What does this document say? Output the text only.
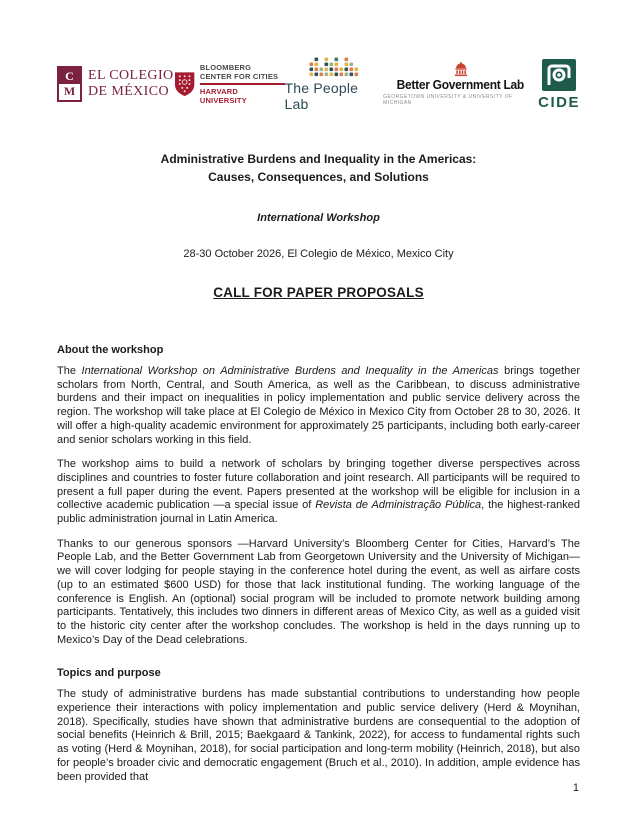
C
M
EL COLEGIO
DE MÉXICO
BLOOMBERG
CENTER FOR CITIES
HARVARD UNIVERSITY
The People Lab
Better Government Lab
GEORGETOWN UNIVERSITY & UNIVERSITY OF MICHIGAN	CIDE
Administrative Burdens and Inequality in the Americas:
Causes, Consequences, and Solutions
International Workshop
28-30 October 2026, El Colegio de México, Mexico City
CALL FOR PAPER PROPOSALS
About the workshop

The International Workshop on Administrative Burdens and Inequality in the Americas brings together scholars from North, Central, and South America, as well as the Caribbean, to discuss administrative burdens and their impact on inequalities in policy implementation and public service delivery across the region. The workshop will take place at El Colegio de México in Mexico City from October 28 to 30, 2026. It will offer a high-quality academic environment for approximately 25 participants, including both early-career and senior scholars working in this field.

The workshop aims to build a network of scholars by bringing together diverse perspectives across disciplines and countries to foster future collaboration and joint research. All participants will be required to present a full paper during the event. Papers presented at the workshop will be eligible for inclusion in a collective academic publication —a special issue of Revista de Administração Pública, the highest-ranked public administration journal in Latin America.

Thanks to our generous sponsors —Harvard University’s Bloomberg Center for Cities, Harvard’s The People Lab, and the Better Government Lab from Georgetown University and the University of Michigan— we will cover lodging for people staying in the conference hotel during the event, as well as airfare costs (up to an estimated $600 USD) for those that lack institutional funding. The working language of the conference is English. An (optional) social program will be included to promote network building among participants. Tentatively, this includes two dinners in different areas of Mexico City, as well as a guided visit to the historic city center after the workshop concludes. The workshop is held in the days running up to Mexico’s Day of the Dead celebrations.

Topics and purpose

The study of administrative burdens has made substantial contributions to understanding how people experience their interactions with policy implementation and public service delivery (Herd & Moynihan, 2018). Specifically, studies have shown that administrative burdens are consequential to the adoption of social benefits (Heinrich & Brill, 2015; Baekgaard & Tankink, 2022), for access to fundamental rights such as voting (Herd & Moynihan, 2018), for social participation and long-term mobility (Heinrich, 2018), but also for people’s broader civic and democratic engagement (Bruch et al., 2010). In addition, ample evidence has been provided that

1
